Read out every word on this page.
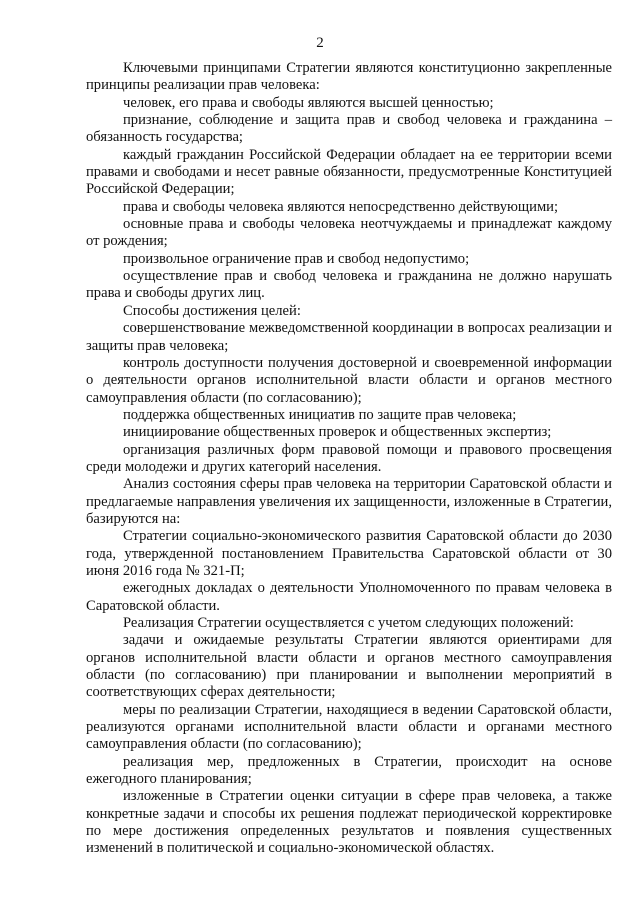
2

Ключевыми принципами Стратегии являются конституционно закрепленные принципы реализации прав человека:

человек, его права и свободы являются высшей ценностью;

признание, соблюдение и защита прав и свобод человека и гражданина – обязанность государства;

каждый гражданин Российской Федерации обладает на ее территории всеми правами и свободами и несет равные обязанности, предусмотренные Конституцией Российской Федерации;

права и свободы человека являются непосредственно действующими;

основные права и свободы человека неотчуждаемы и принадлежат каждому от рождения;

произвольное ограничение прав и свобод недопустимо;

осуществление прав и свобод человека и гражданина не должно нарушать права и свободы других лиц.

Способы достижения целей:

совершенствование межведомственной координации в вопросах реализации и защиты прав человека;

контроль доступности получения достоверной и своевременной информации о деятельности органов исполнительной власти области и органов местного самоуправления области (по согласованию);

поддержка общественных инициатив по защите прав человека;

инициирование общественных проверок и общественных экспертиз;

организация различных форм правовой помощи и правового просвещения среди молодежи и других категорий населения.

Анализ состояния сферы прав человека на территории Саратовской области и предлагаемые направления увеличения их защищенности, изложенные в Стратегии, базируются на:

Стратегии социально-экономического развития Саратовской области до 2030 года, утвержденной постановлением Правительства Саратовской области от 30 июня 2016 года № 321-П;

ежегодных докладах о деятельности Уполномоченного по правам человека в Саратовской области.

Реализация Стратегии осуществляется с учетом следующих положений:

задачи и ожидаемые результаты Стратегии являются ориентирами для органов исполнительной власти области и органов местного самоуправления области (по согласованию) при планировании и выполнении мероприятий в соответствующих сферах деятельности;

меры по реализации Стратегии, находящиеся в ведении Саратовской области, реализуются органами исполнительной власти области и органами местного самоуправления области (по согласованию);

реализация мер, предложенных в Стратегии, происходит на основе ежегодного планирования;

изложенные в Стратегии оценки ситуации в сфере прав человека, а также конкретные задачи и способы их решения подлежат периодической корректировке по мере достижения определенных результатов и появления существенных изменений в политической и социально-экономической областях.
